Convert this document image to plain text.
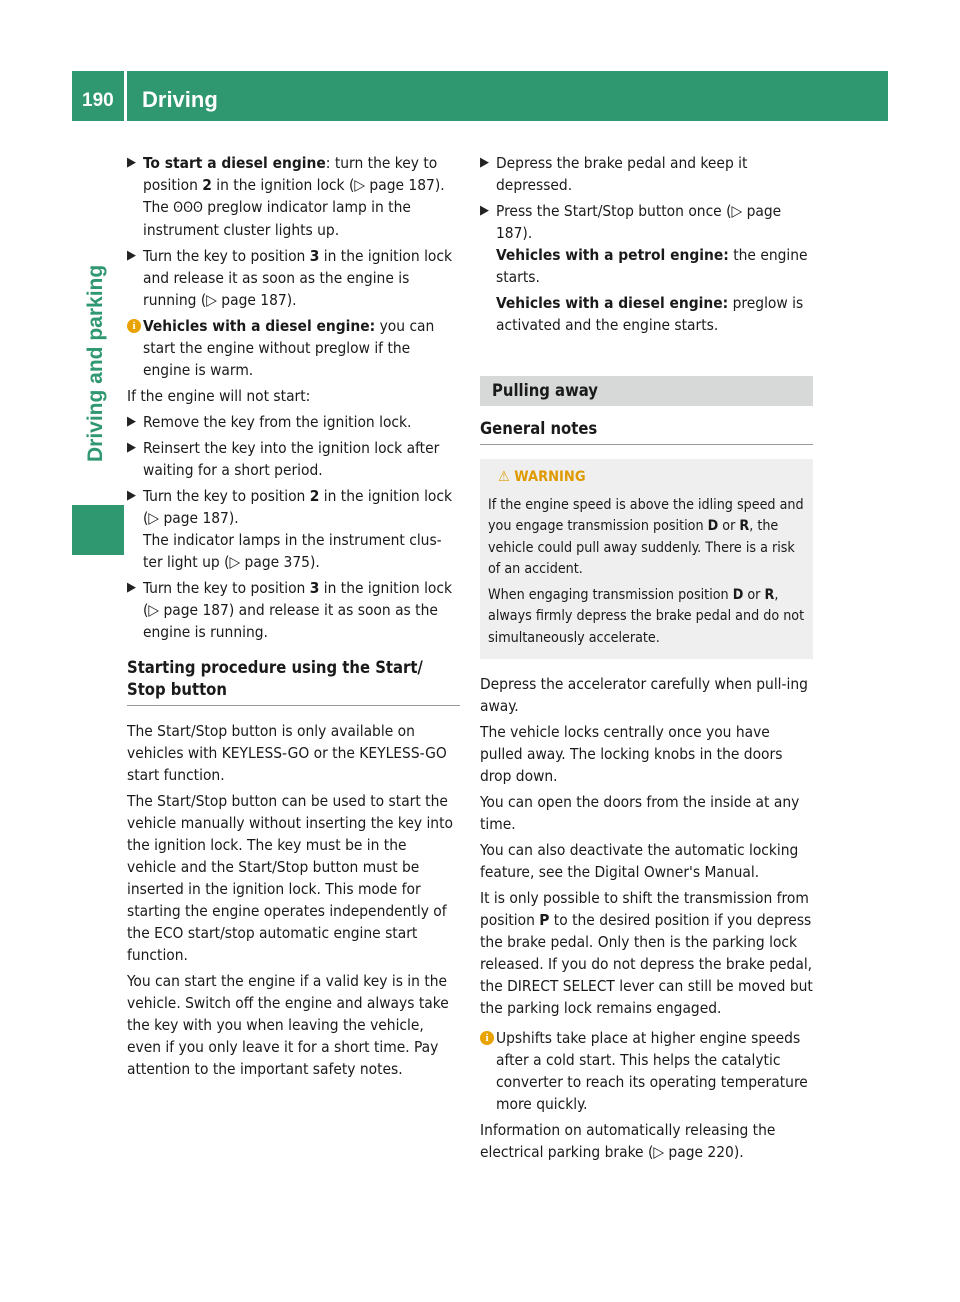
190 Driving
Driving and parking
▶ To start a diesel engine: turn the key to position 2 in the ignition lock (▷ page 187). The ʘʘʘ preglow indicator lamp in the instrument cluster lights up.
▶ Turn the key to position 3 in the ignition lock and release it as soon as the engine is running (▷ page 187).
i Vehicles with a diesel engine: you can start the engine without preglow if the engine is warm.

If the engine will not start:

▶ Remove the key from the ignition lock.
▶ Reinsert the key into the ignition lock after waiting for a short period.
▶ Turn the key to position 2 in the ignition lock (▷ page 187).
The indicator lamps in the instrument clus-ter light up (▷ page 375).
▶ Turn the key to position 3 in the ignition lock (▷ page 187) and release it as soon as the engine is running.
Starting procedure using the Start/ Stop button

The Start/Stop button is only available on vehicles with KEYLESS-GO or the KEYLESS-GO start function.

The Start/Stop button can be used to start the vehicle manually without inserting the key into the ignition lock. The key must be in the vehicle and the Start/Stop button must be inserted in the ignition lock. This mode for starting the engine operates independently of the ECO start/stop automatic engine start function.

You can start the engine if a valid key is in the vehicle. Switch off the engine and always take the key with you when leaving the vehicle, even if you only leave it for a short time. Pay attention to the important safety notes.

▶ Depress the brake pedal and keep it depressed.
▶ Press the Start/Stop button once (▷ page 187).
Vehicles with a petrol engine: the engine starts.

Vehicles with a diesel engine: preglow is activated and the engine starts.
Pulling away
General notes
⚠ WARNING

If the engine speed is above the idling speed and you engage transmission position D or R, the vehicle could pull away suddenly. There is a risk of an accident.

When engaging transmission position D or R, always firmly depress the brake pedal and do not simultaneously accelerate.

Depress the accelerator carefully when pull-ing away.

The vehicle locks centrally once you have pulled away. The locking knobs in the doors drop down.

You can open the doors from the inside at any time.

You can also deactivate the automatic locking feature, see the Digital Owner's Manual.

It is only possible to shift the transmission from position P to the desired position if you depress the brake pedal. Only then is the parking lock released. If you do not depress the brake pedal, the DIRECT SELECT lever can still be moved but the parking lock remains engaged.

i Upshifts take place at higher engine speeds after a cold start. This helps the catalytic converter to reach its operating temperature more quickly.

Information on automatically releasing the electrical parking brake (▷ page 220).
